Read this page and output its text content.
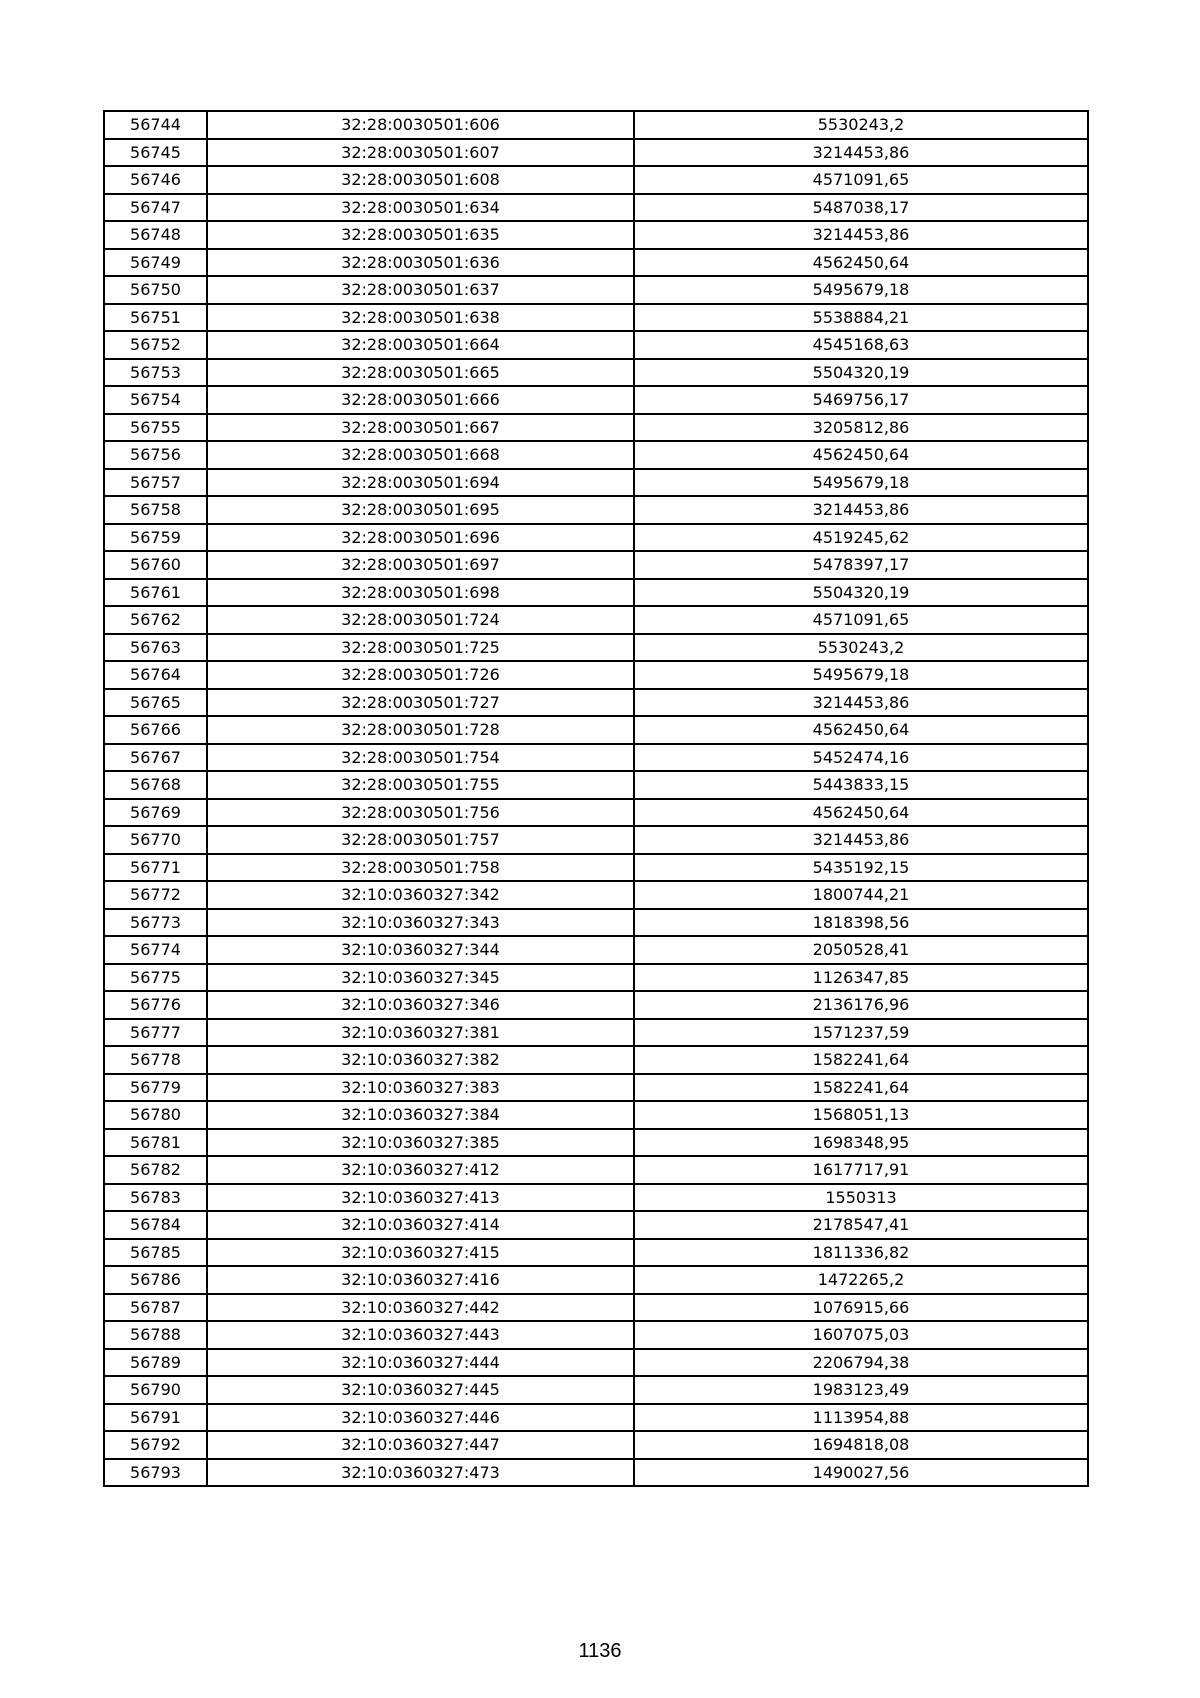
56744	32:28:0030501:606	5530243,2
56745	32:28:0030501:607	3214453,86
56746	32:28:0030501:608	4571091,65
56747	32:28:0030501:634	5487038,17
56748	32:28:0030501:635	3214453,86
56749	32:28:0030501:636	4562450,64
56750	32:28:0030501:637	5495679,18
56751	32:28:0030501:638	5538884,21
56752	32:28:0030501:664	4545168,63
56753	32:28:0030501:665	5504320,19
56754	32:28:0030501:666	5469756,17
56755	32:28:0030501:667	3205812,86
56756	32:28:0030501:668	4562450,64
56757	32:28:0030501:694	5495679,18
56758	32:28:0030501:695	3214453,86
56759	32:28:0030501:696	4519245,62
56760	32:28:0030501:697	5478397,17
56761	32:28:0030501:698	5504320,19
56762	32:28:0030501:724	4571091,65
56763	32:28:0030501:725	5530243,2
56764	32:28:0030501:726	5495679,18
56765	32:28:0030501:727	3214453,86
56766	32:28:0030501:728	4562450,64
56767	32:28:0030501:754	5452474,16
56768	32:28:0030501:755	5443833,15
56769	32:28:0030501:756	4562450,64
56770	32:28:0030501:757	3214453,86
56771	32:28:0030501:758	5435192,15
56772	32:10:0360327:342	1800744,21
56773	32:10:0360327:343	1818398,56
56774	32:10:0360327:344	2050528,41
56775	32:10:0360327:345	1126347,85
56776	32:10:0360327:346	2136176,96
56777	32:10:0360327:381	1571237,59
56778	32:10:0360327:382	1582241,64
56779	32:10:0360327:383	1582241,64
56780	32:10:0360327:384	1568051,13
56781	32:10:0360327:385	1698348,95
56782	32:10:0360327:412	1617717,91
56783	32:10:0360327:413	1550313
56784	32:10:0360327:414	2178547,41
56785	32:10:0360327:415	1811336,82
56786	32:10:0360327:416	1472265,2
56787	32:10:0360327:442	1076915,66
56788	32:10:0360327:443	1607075,03
56789	32:10:0360327:444	2206794,38
56790	32:10:0360327:445	1983123,49
56791	32:10:0360327:446	1113954,88
56792	32:10:0360327:447	1694818,08
56793	32:10:0360327:473	1490027,56
1136
